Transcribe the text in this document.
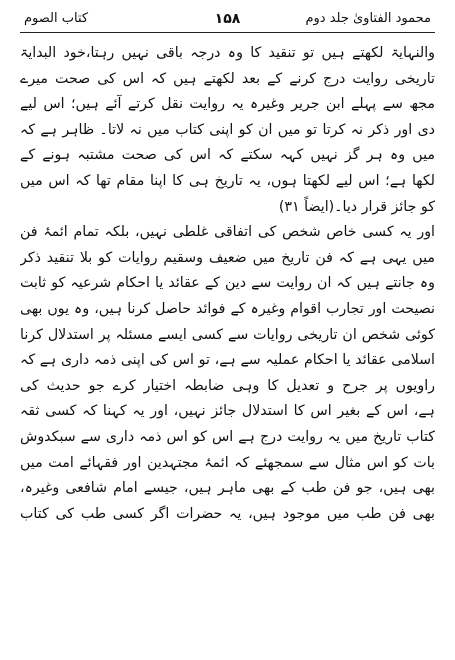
محمود الفتاویٰ جلد دوم
۱۵۸
کتاب الصوم
والنہایۃ لکھتے ہیں تو تنقید کا وہ درجہ باقی نہیں رہتا،خود البدایۃ
تاریخی روایت درج کرنے کے بعد لکھتے ہیں کہ اس کی صحت میرے
مجھ سے پہلے ابن جریر وغیرہ یہ روایت نقل کرتے آئے ہیں؛ اس لیے
دی اور ذکر نہ کرتا تو میں ان کو اپنی کتاب میں نہ لاتا۔ ظاہر ہے کہ
میں وہ ہر گز نہیں کہہ سکتے کہ اس کی صحت مشتبہ ہونے کے
لکھا ہے؛ اس لیے لکھتا ہوں، یہ تاریخ ہی کا اپنا مقام تھا کہ اس میں
کو جائز قرار دیا۔(ایضاً ۳۱)
اور یہ کسی خاص شخص کی اتفاقی غلطی نہیں، بلکہ تمام ائمۂ فن
میں یہی ہے کہ فن تاریخ میں ضعیف وسقیم روایات کو بلا تنقید ذکر
وہ جانتے ہیں کہ ان روایت سے دین کے عقائد یا احکام شرعیہ کو ثابت
نصیحت اور تجارب اقوام وغیرہ کے فوائد حاصل کرنا ہیں، وہ یوں بھی
کوئی شخص ان تاریخی روایات سے کسی ایسے مسئلہ پر استدلال کرنا
اسلامی عقائد یا احکام عملیہ سے ہے، تو اس کی اپنی ذمہ داری ہے کہ
راویوں پر جرح و تعدیل کا وہی ضابطہ اختیار کرے جو حدیث کی
ہے، اس کے بغیر اس کا استدلال جائز نہیں، اور یہ کہنا کہ کسی ثقہ
کتاب تاریخ میں یہ روایت درج ہے اس کو اس ذمہ داری سے سبکدوش
بات کو اس مثال سے سمجھئے کہ ائمۂ مجتہدین اور فقہائے امت میں
بھی ہیں، جو فن طب کے بھی ماہر ہیں، جیسے امام شافعی وغیرہ،
بھی فن طب میں موجود ہیں، یہ حضرات اگر کسی طب کی کتاب
